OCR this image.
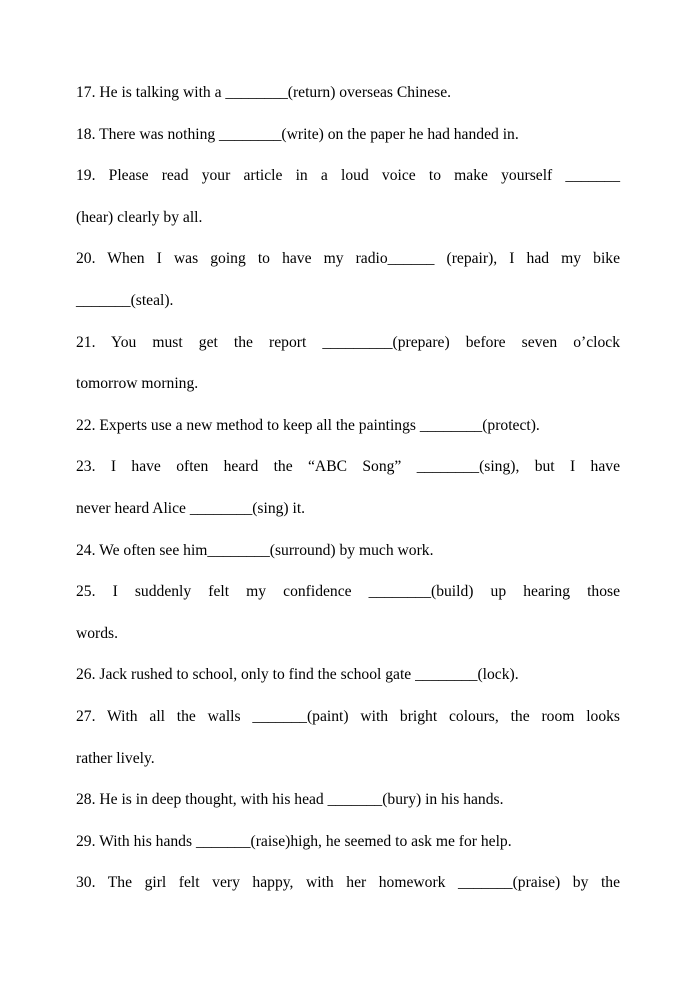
17. He is talking with a ________(return) overseas Chinese.
18. There was nothing ________(write) on the paper he had handed in.
19. Please read your article in a loud voice to make yourself _______
(hear) clearly by all.
20. When I was going to have my radio______ (repair), I had my bike
_______(steal).
21. You must get the report _________(prepare) before seven o’clock
tomorrow morning.
22. Experts use a new method to keep all the paintings ________(protect).
23. I have often heard the “ABC Song” ________(sing), but I have
never heard Alice ________(sing) it.
24. We often see him________(surround) by much work.
25. I suddenly felt my confidence ________(build) up hearing those
words.
26. Jack rushed to school, only to find the school gate ________(lock).
27. With all the walls _______(paint) with bright colours, the room looks
rather lively.
28. He is in deep thought, with his head _______(bury) in his hands.
29. With his hands _______(raise)high, he seemed to ask me for help.
30. The girl felt very happy, with her homework _______(praise) by the
